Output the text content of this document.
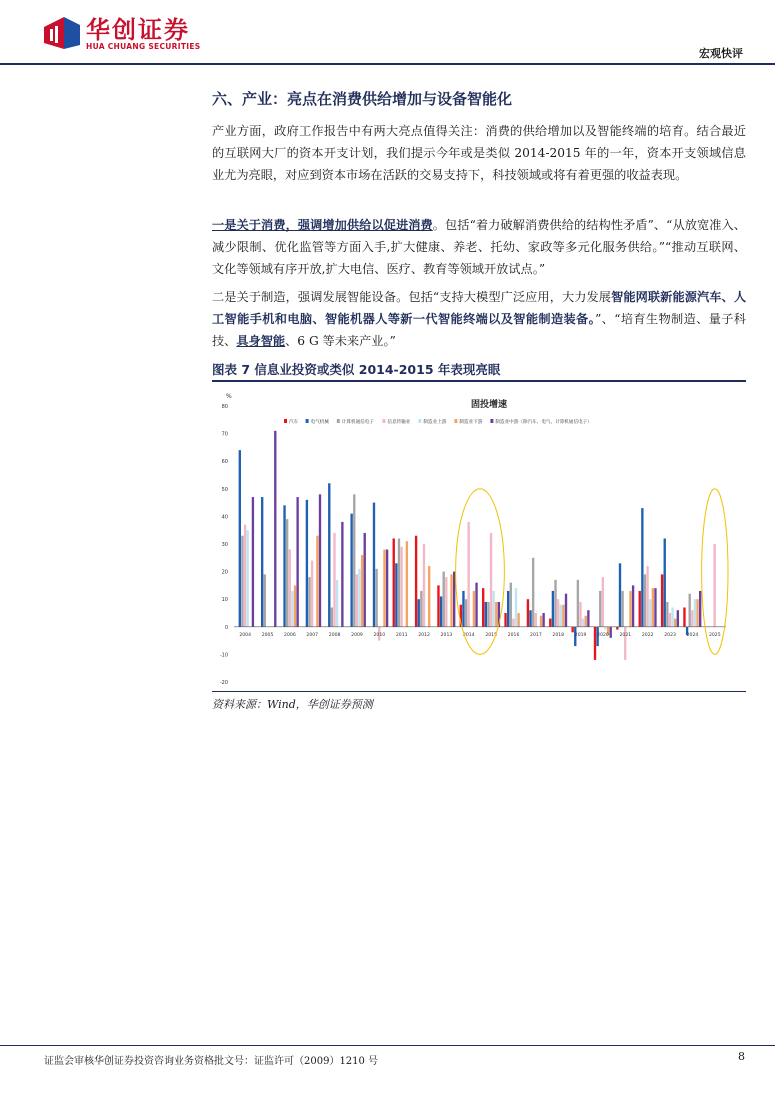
华创证券
HUA CHUANG SECURITIES
宏观快评
六、产业：亮点在消费供给增加与设备智能化
产业方面，政府工作报告中有两大亮点值得关注：消费的供给增加以及智能终端的培育。结合最近的互联网大厂的资本开支计划，我们提示今年或是类似 2014-2015 年的一年，资本开支领域信息业尤为亮眼，对应到资本市场在活跃的交易支持下，科技领域或将有着更强的收益表现。
一是关于消费，强调增加供给以促进消费。包括“着力破解消费供给的结构性矛盾”、“从放宽准入、减少限制、优化监管等方面入手,扩大健康、养老、托幼、家政等多元化服务供给。”“推动互联网、文化等领域有序开放,扩大电信、医疗、教育等领域开放试点。”
二是关于制造，强调发展智能设备。包括“支持大模型广泛应用，大力发展智能网联新能源汽车、人工智能手机和电脑、智能机器人等新一代智能终端以及智能制造装备。”、“培育生物制造、量子科技、具身智能、6 G 等未来产业。”
图表 7 信息业投资或类似 2014-2015 年表现亮眼
固投增速
%
汽车	电气机械	计算机通信电子	信息传输业	制造业上游	制造业下游	制造业中游（除汽车、电气、计算机通信电子）
-20
-10
0
10
20
30
40
50
60
70
80
2004 2005 2006 2007 2008 2009 2010 2011 2012 2013 2014 2015 2016 2017 2018 2019 2020 2021 2022 2023 2024 2025
资料来源：Wind，华创证券预测
证监会审核华创证券投资咨询业务资格批文号：证监许可（2009）1210 号	8
